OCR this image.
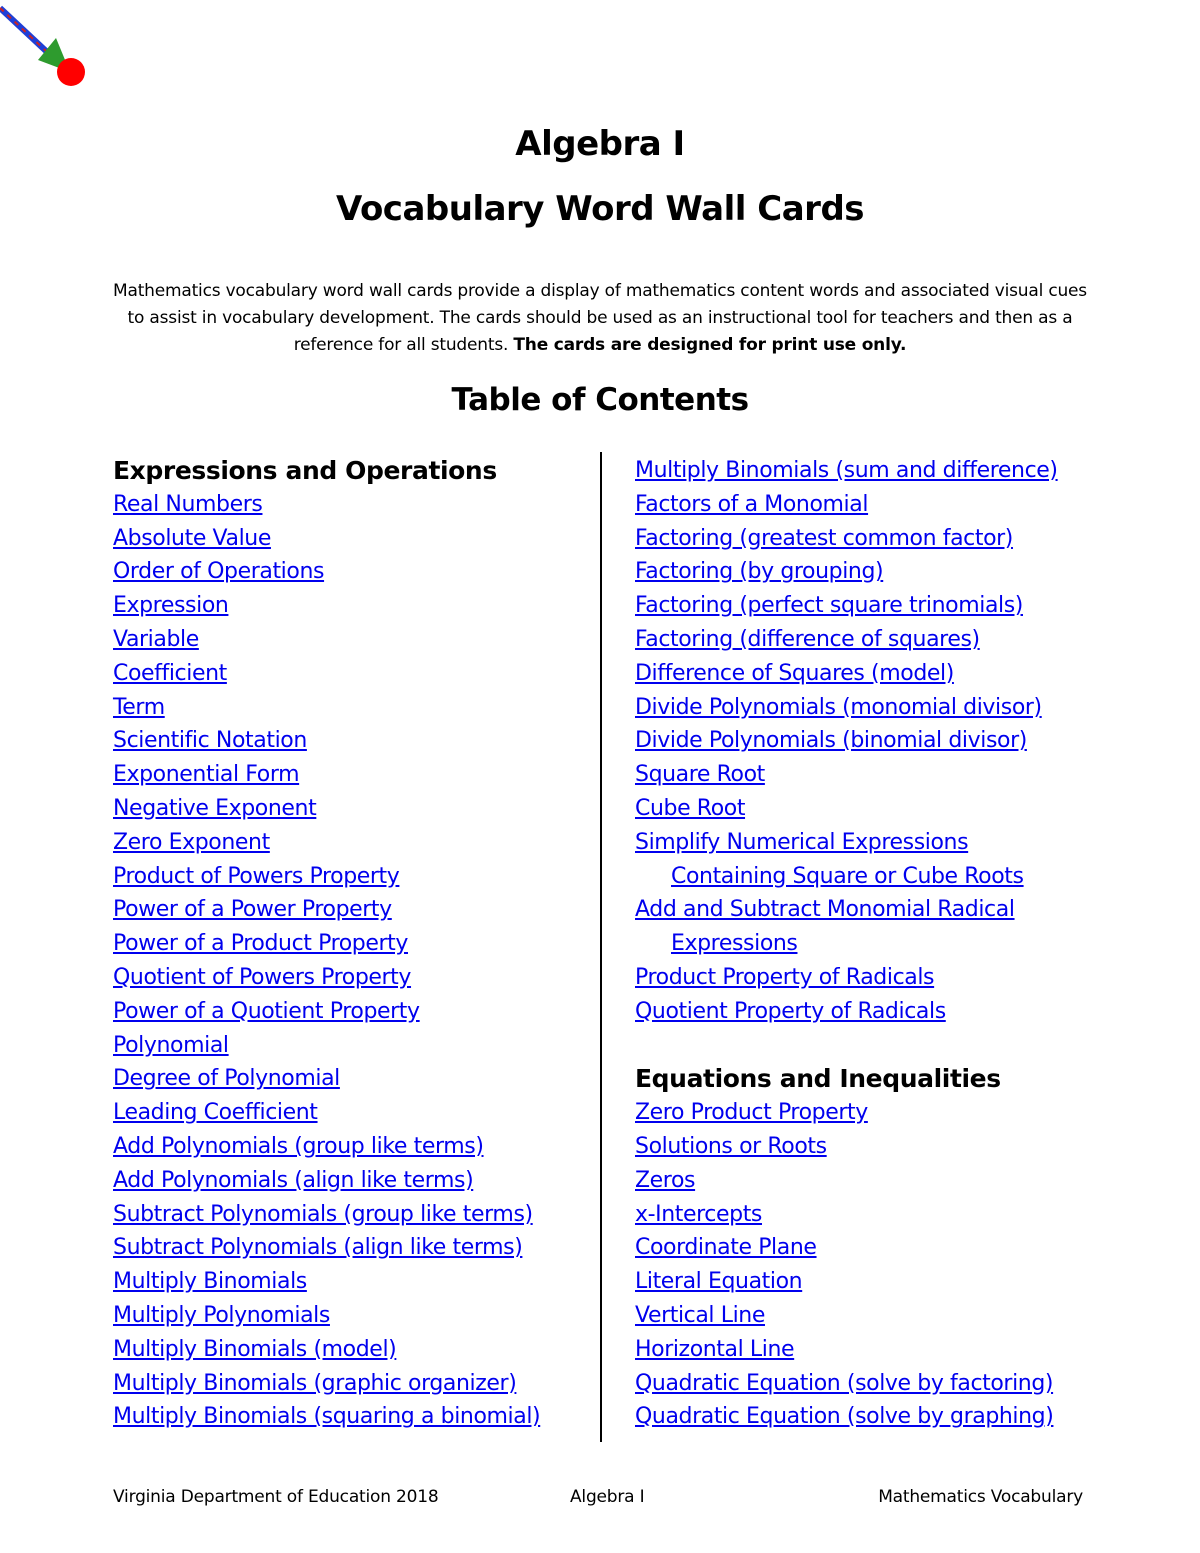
Algebra I
Vocabulary Word Wall Cards
Mathematics vocabulary word wall cards provide a display of mathematics content words and associated visual cues to assist in vocabulary development. The cards should be used as an instructional tool for teachers and then as a reference for all students. The cards are designed for print use only.
Table of Contents
Expressions and Operations
Real Numbers
Absolute Value
Order of Operations
Expression
Variable
Coefficient
Term
Scientific Notation
Exponential Form
Negative Exponent
Zero Exponent
Product of Powers Property
Power of a Power Property
Power of a Product Property
Quotient of Powers Property
Power of a Quotient Property
Polynomial
Degree of Polynomial
Leading Coefficient
Add Polynomials (group like terms)
Add Polynomials (align like terms)
Subtract Polynomials (group like terms)
Subtract Polynomials (align like terms)
Multiply Binomials
Multiply Polynomials
Multiply Binomials (model)
Multiply Binomials (graphic organizer)
Multiply Binomials (squaring a binomial)
Multiply Binomials (sum and difference)
Factors of a Monomial
Factoring (greatest common factor)
Factoring (by grouping)
Factoring (perfect square trinomials)
Factoring (difference of squares)
Difference of Squares (model)
Divide Polynomials (monomial divisor)
Divide Polynomials (binomial divisor)
Square Root
Cube Root
Simplify Numerical Expressions
Containing Square or Cube Roots
Add and Subtract Monomial Radical
Expressions
Product Property of Radicals
Quotient Property of Radicals
Equations and Inequalities
Zero Product Property
Solutions or Roots
Zeros
x-Intercepts
Coordinate Plane
Literal Equation
Vertical Line
Horizontal Line
Quadratic Equation (solve by factoring)
Quadratic Equation (solve by graphing)
Virginia Department of Education 2018	Algebra I	Mathematics Vocabulary
